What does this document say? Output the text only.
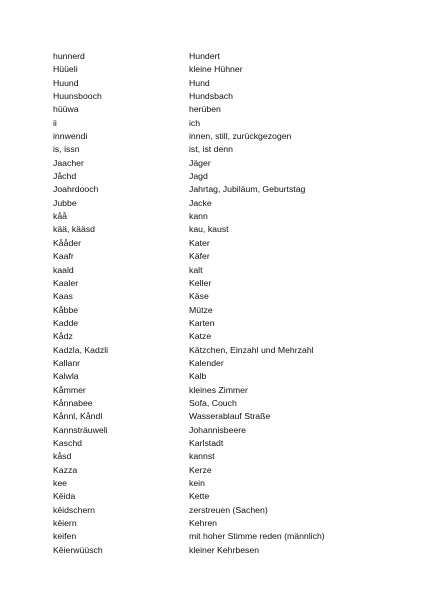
hunnerd	Hundert
Hüüeli	kleine Hühner
Huund	Hund
Huunsbooch	Hundsbach
hüüwa	herüben
ii	ich
innwendi	innen, still, zurückgezogen
is, issn	ist, ist denn
Jaacher	Jäger
Jåchd	Jagd
Joahrdooch	Jahrtag, Jubiläum, Geburtstag
Jubbe	Jacke
kåå	kann
kää, kääsd	kau, kaust
Kååder	Kater
Kaafr	Käfer
kaald	kalt
Kaaler	Keller
Kaas	Käse
Kåbbe	Mütze
Kadde	Karten
Kådz	Katze
Kadzla, Kadzli	Kätzchen, Einzahl und Mehrzahl
Kallanr	Kalender
Kalwla	Kalb
Kåmmer	kleines Zimmer
Kånnabee	Sofa, Couch
Kånnl, Kåndl	Wasserablauf Straße
Kannsträuweli	Johannisbeere
Kaschd	Karlstadt
kåsd	kannst
Kazza	Kerze
kee	kein
Kēida	Kette
kēidschern	zerstreuen (Sachen)
kēiern	Kehren
keifen	mit hoher Stimme reden (männlich)
Kēierwüüsch	kleiner Kehrbesen
